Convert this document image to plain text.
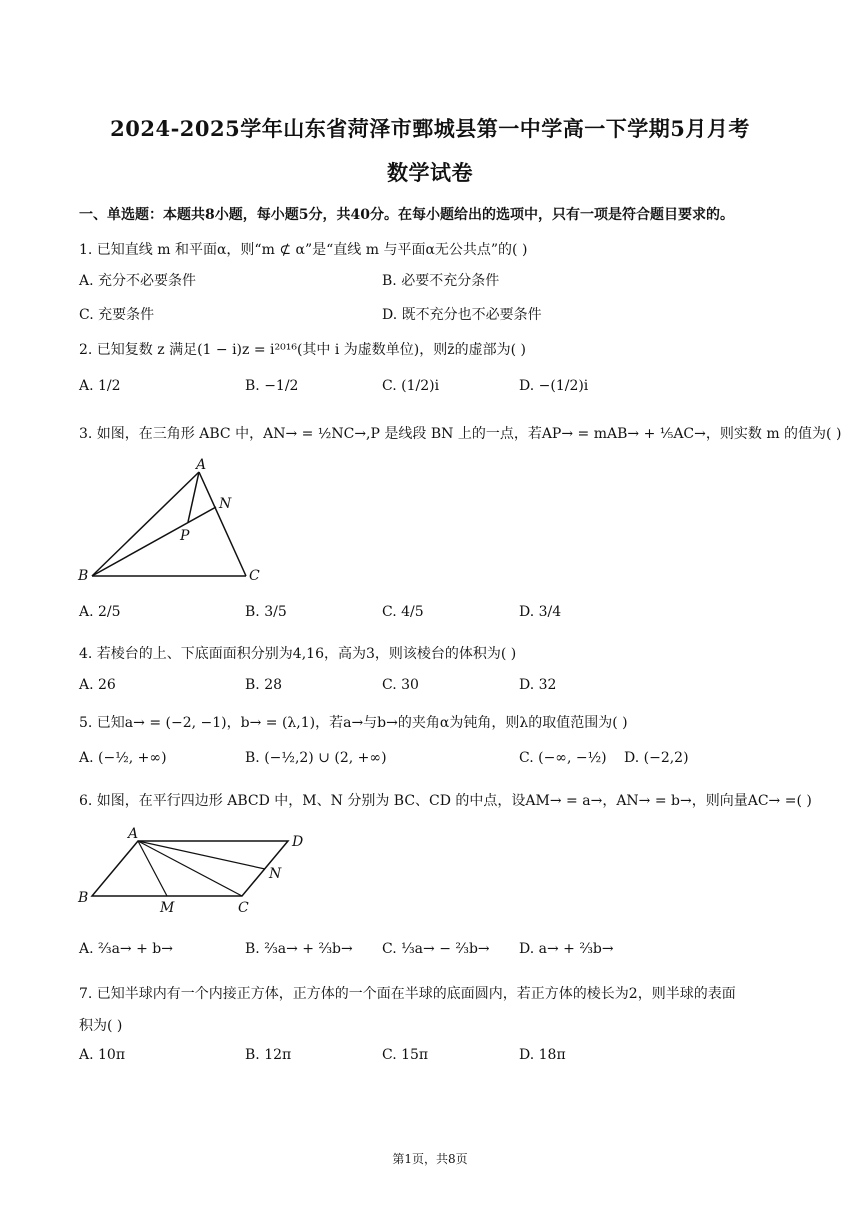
2024-2025学年山东省菏泽市鄄城县第一中学高一下学期5月月考
数学试卷
一、单选题：本题共8小题，每小题5分，共40分。在每小题给出的选项中，只有一项是符合题目要求的。
1. 已知直线 m 和平面α，则“m ⊄ α”是“直线 m 与平面α无公共点”的( )
A. 充分不必要条件	B. 必要不充分条件
C. 充要条件	D. 既不充分也不必要条件
2. 已知复数 z 满足(1 − i)z = i²⁰¹⁶(其中 i 为虚数单位)，则z̄的虚部为( )
A. 1/2	B. −1/2	C. (1/2)i	D. −(1/2)i
3. 如图，在三角形 ABC 中，AN→ = ½NC→,P 是线段 BN 上的一点，若AP→ = mAB→ + ⅕AC→，则实数 m 的值为( )
A
N
P
B	C
A. 2/5	B. 3/5	C. 4/5	D. 3/4
4. 若棱台的上、下底面面积分别为4,16，高为3，则该棱台的体积为( )
A. 26	B. 28	C. 30	D. 32
5. 已知a→ = (−2, −1)，b→ = (λ,1)，若a→与b→的夹角α为钝角，则λ的取值范围为( )
A. (−½, +∞)	B. (−½,2) ∪ (2, +∞)	C. (−∞, −½) D. (−2,2)
6. 如图，在平行四边形 ABCD 中，M、N 分别为 BC、CD 的中点，设AM→ = a→，AN→ = b→，则向量AC→ =( )
A	D
N
B
M	C
A. ⅔a→ + b→	B. ⅔a→ + ⅔b→ C. ⅓a→ − ⅔b→ D. a→ + ⅔b→
7. 已知半球内有一个内接正方体，正方体的一个面在半球的底面圆内，若正方体的棱长为2，则半球的表面
积为( )
A. 10π	B. 12π	C. 15π	D. 18π
第1页，共8页
